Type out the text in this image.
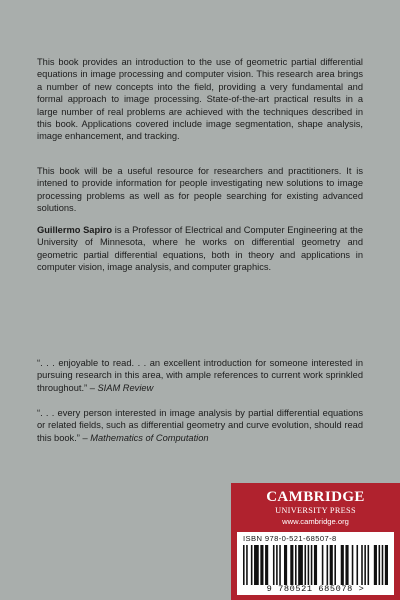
This book provides an introduction to the use of geometric partial differential equations in image processing and computer vision. This research area brings a number of new concepts into the field, providing a very fundamental and formal approach to image processing. State-of-the-art practical results in a large number of real problems are achieved with the techniques described in this book. Applications covered include image segmentation, shape analysis, image enhancement, and tracking.

This book will be a useful resource for researchers and practitioners. It is intened to provide information for people investigating new solutions to image processing problems as well as for people searching for existing advanced solutions.

Guillermo Sapiro is a Professor of Electrical and Computer Engineering at the University of Minnesota, where he works on differential geometry and geometric partial differential equations, both in theory and applications in computer vision, image analysis, and computer graphics.

“. . . enjoyable to read. . . an excellent introduction for someone interested in pursuing research in this area, with ample references to current work sprinkled throughout.” – SIAM Review

“. . . every person interested in image analysis by partial differential equations or related fields, such as differential geometry and curve evolution, should read this book.” – Mathematics of Computation

CAMBRIDGE
UNIVERSITY PRESS
www.cambridge.org
ISBN 978-0-521-68507-8
9 780521 685078 >
